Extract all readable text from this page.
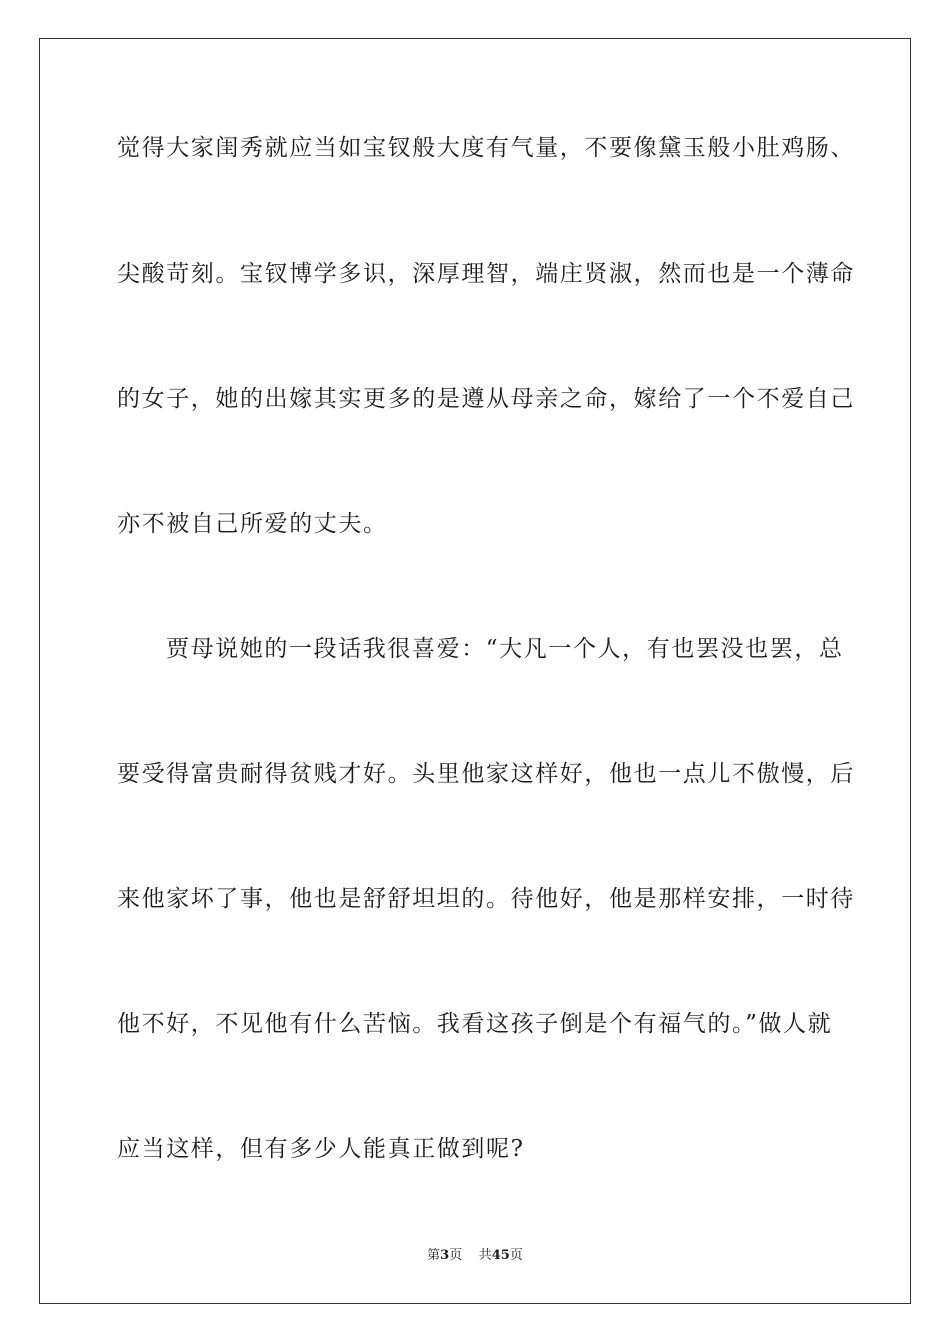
觉得大家闺秀就应当如宝钗般大度有气量，不要像黛玉般小肚鸡肠、
尖酸苛刻。宝钗博学多识，深厚理智，端庄贤淑，然而也是一个薄命
的女子，她的出嫁其实更多的是遵从母亲之命，嫁给了一个不爱自己
亦不被自己所爱的丈夫。
贾母说她的一段话我很喜爱：“大凡一个人，有也罢没也罢，总
要受得富贵耐得贫贱才好。头里他家这样好，他也一点儿不傲慢，后
来他家坏了事，他也是舒舒坦坦的。待他好，他是那样安排，一时待
他不好，不见他有什么苦恼。我看这孩子倒是个有福气的。”做人就
应当这样，但有多少人能真正做到呢?
第3页 共45页
